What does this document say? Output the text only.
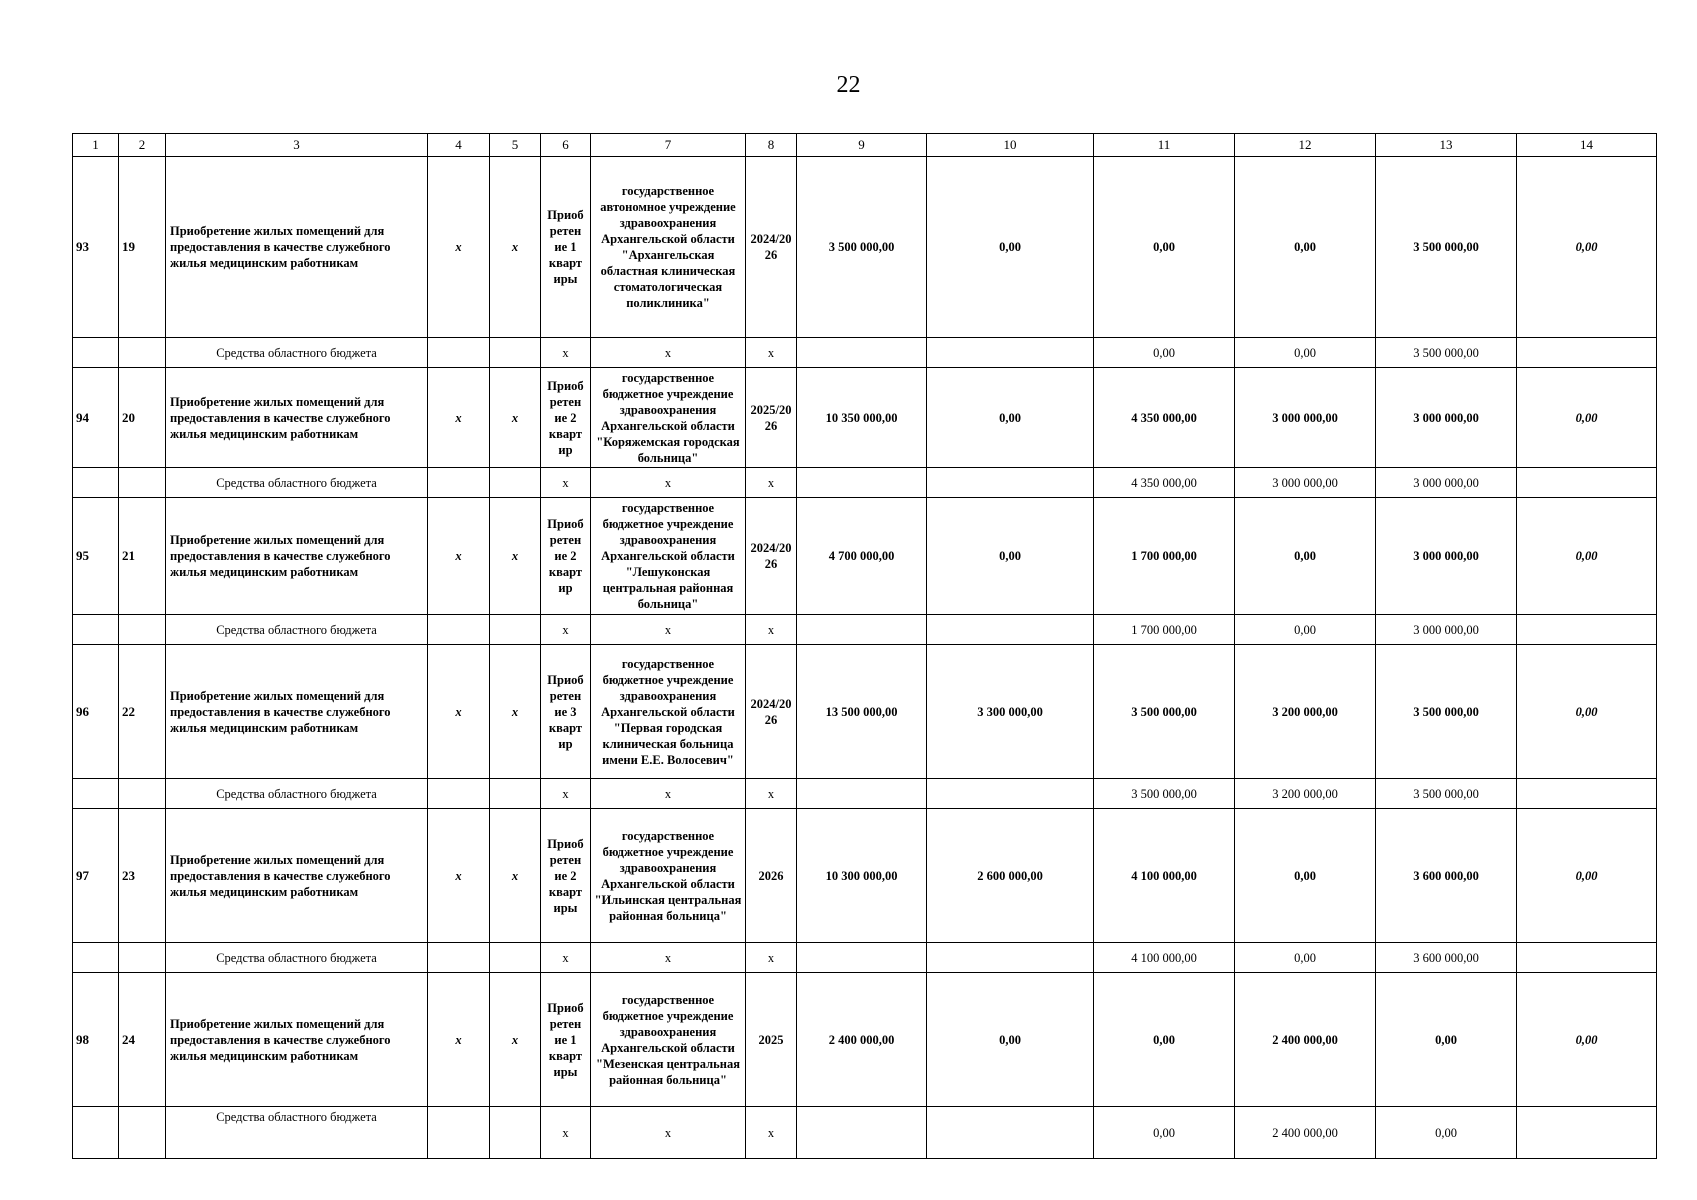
22
1	2	3	4	5	6	7	8	9	10	11	12	13	14
93	19	Приобретение жилых помещений для предоставления в качестве служебного жилья медицинским работникам	х	х	Приоб ретен ие 1 кварт иры	государственное автономное учреждение здравоохранения Архангельской области "Архангельская областная клиническая стоматологическая поликлиника"	2024/20 26	3 500 000,00	0,00	0,00	0,00	3 500 000,00	0,00
		Средства областного бюджета			х	х	х			0,00	0,00	3 500 000,00	
94	20	Приобретение жилых помещений для предоставления в качестве служебного жилья медицинским работникам	х	х	Приоб ретен ие 2 кварт ир	государственное бюджетное учреждение здравоохранения Архангельской области "Коряжемская городская больница"	2025/20 26	10 350 000,00	0,00	4 350 000,00	3 000 000,00	3 000 000,00	0,00
		Средства областного бюджета			х	х	х			4 350 000,00	3 000 000,00	3 000 000,00	
95	21	Приобретение жилых помещений для предоставления в качестве служебного жилья медицинским работникам	х	х	Приоб ретен ие 2 кварт ир	государственное бюджетное учреждение здравоохранения Архангельской области "Лешуконская центральная районная больница"	2024/20 26	4 700 000,00	0,00	1 700 000,00	0,00	3 000 000,00	0,00
		Средства областного бюджета			х	х	х			1 700 000,00	0,00	3 000 000,00	
96	22	Приобретение жилых помещений для предоставления в качестве служебного жилья медицинским работникам	х	х	Приоб ретен ие 3 кварт ир	государственное бюджетное учреждение здравоохранения Архангельской области "Первая городская клиническая больница имени Е.Е. Волосевич"	2024/20 26	13 500 000,00	3 300 000,00	3 500 000,00	3 200 000,00	3 500 000,00	0,00
		Средства областного бюджета			х	х	х			3 500 000,00	3 200 000,00	3 500 000,00	
97	23	Приобретение жилых помещений для предоставления в качестве служебного жилья медицинским работникам	х	х	Приоб ретен ие 2 кварт иры	государственное бюджетное учреждение здравоохранения Архангельской области "Ильинская центральная районная больница"	2026	10 300 000,00	2 600 000,00	4 100 000,00	0,00	3 600 000,00	0,00
		Средства областного бюджета			х	х	х			4 100 000,00	0,00	3 600 000,00	
98	24	Приобретение жилых помещений для предоставления в качестве служебного жилья медицинским работникам	х	х	Приоб ретен ие 1 кварт иры	государственное бюджетное учреждение здравоохранения Архангельской области "Мезенская центральная районная больница"	2025	2 400 000,00	0,00	0,00	2 400 000,00	0,00	0,00
		Средства областного бюджета			х	х	х			0,00	2 400 000,00	0,00	
